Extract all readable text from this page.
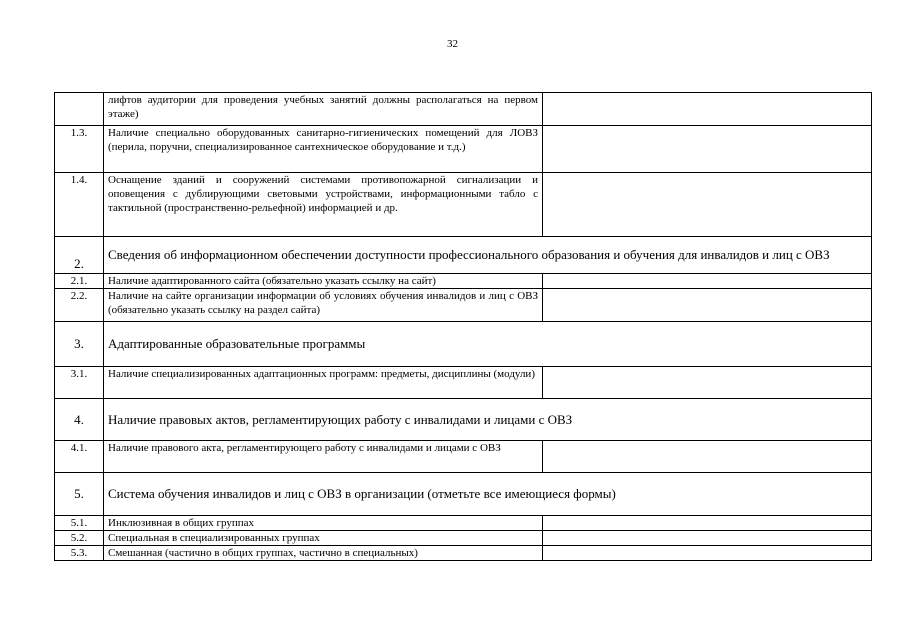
32
	лифтов аудитории для проведения учебных занятий должны располагаться на первом этаже)	
1.3.	Наличие специально оборудованных санитарно-гигиенических помещений для ЛОВЗ (перила, поручни, специализированное сантехническое оборудование и т.д.)	
1.4.	Оснащение зданий и сооружений системами противопожарной сигнализации и оповещения с дублирующими световыми устройствами, информационными табло с тактильной (пространственно-рельефной) информацией и др.	
2.	Сведения об информационном обеспечении доступности профессионального образования и обучения для инвалидов и лиц с ОВЗ	
2.1.	Наличие адаптированного сайта (обязательно указать ссылку на сайт)	
2.2.	Наличие на сайте организации информации об условиях обучения инвалидов и лиц с ОВЗ (обязательно указать ссылку на раздел сайта)	
3.	Адаптированные образовательные программы	
3.1.	Наличие специализированных адаптационных программ: предметы, дисциплины (модули)	
4.	Наличие правовых актов, регламентирующих работу с инвалидами и лицами с ОВЗ	
4.1.	Наличие правового акта, регламентирующего работу с инвалидами и лицами с ОВЗ	
5.	Система обучения инвалидов и лиц с ОВЗ в организации (отметьте все имеющиеся формы)	
5.1.	Инклюзивная в общих группах	
5.2.	Специальная в специализированных группах	
5.3.	Смешанная (частично в общих группах, частично в специальных)	
